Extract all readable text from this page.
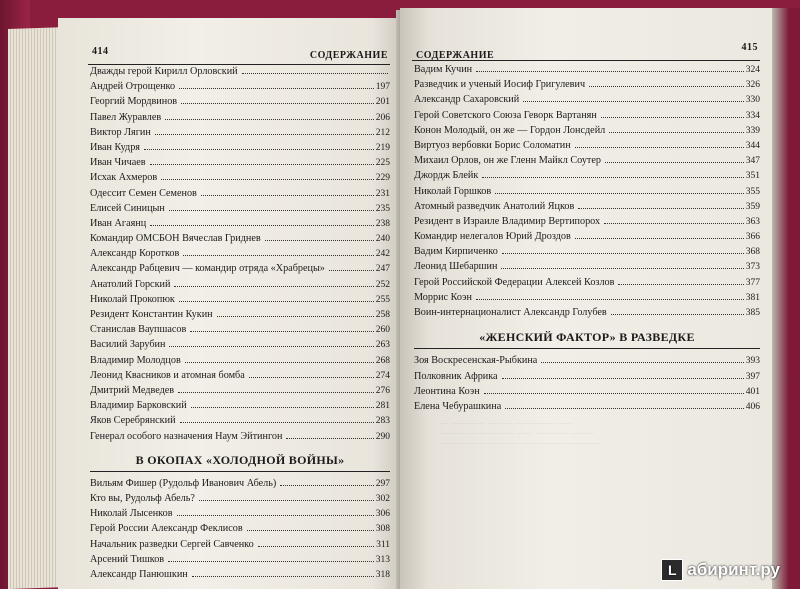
414	СОДЕРЖАНИЕ
Дважды герой Кирилл Орловский
Андрей Отрощенко	197
Георгий Мордвинов	201
Павел Журавлев	206
Виктор Лягин	212
Иван Кудря	219
Иван Чичаев	225
Исхак Ахмеров	229
Одессит Семен Семенов	231
Елисей Синицын	235
Иван Агаянц	238
Командир ОМСБОН Вячеслав Гриднев	240
Александр Коротков	242
Александр Рабцевич — командир отряда «Храбрецы»	247
Анатолий Горский	252
Николай Прокопюк	255
Резидент Константин Кукин	258
Станислав Ваупшасов	260
Василий Зарубин	263
Владимир Молодцов	268
Леонид Квасников и атомная бомба	274
Дмитрий Медведев	276
Владимир Барковский	281
Яков Серебрянский	283
Генерал особого назначения Наум Эйтингон	290
В ОКОПАХ «ХОЛОДНОЙ ВОЙНЫ»
Вильям Фишер (Рудольф Иванович Абель)	297
Кто вы, Рудольф Абель?	302
Николай Лысенков	306
Герой России Александр Феклисов	308
Начальник разведки Сергей Савченко	311
Арсений Тишков	313
Александр Панюшкин	318
СОДЕРЖАНИЕ
415
Вадим Кучин	324
Разведчик и ученый Иосиф Григулевич	326
Александр Сахаровский	330
Герой Советского Союза Геворк Вартанян	334
Конон Молодый, он же — Гордон Лонсдейл	339
Виртуоз вербовки Борис Соломатин	344
Михаил Орлов, он же Гленн Майкл Соутер	347
Джордж Блейк	351
Николай Горшков	355
Атомный разведчик Анатолий Яцков	359
Резидент в Израиле Владимир Вертипорох	363
Командир нелегалов Юрий Дроздов	366
Вадим Кирпиченко	368
Леонид Шебаршин	373
Герой Российской Федерации Алексей Козлов	377
Моррис Коэн	381
Воин-интернационалист Александр Голубев	385
«ЖЕНСКИЙ ФАКТОР» В РАЗВЕДКЕ
Зоя Воскресенская-Рыбкина	393
Полковник Африка	397
Леонтина Коэн	401
Елена Чебурашкина	406
—  ————  ——— ————— ——
——— —————— ——  ———— ———
— ——————— ———— ——— ————
L абиринт.ру
